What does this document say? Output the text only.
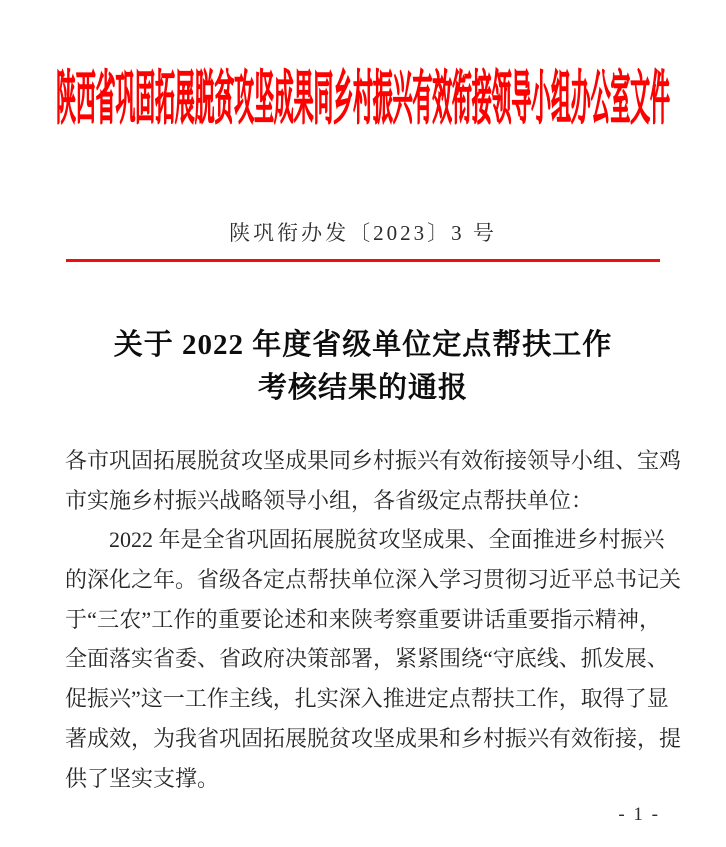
陕西省巩固拓展脱贫攻坚成果同乡村振兴有效衔接领导小组办公室文件
陕巩衔办发〔2023〕3 号
关于 2022 年度省级单位定点帮扶工作
考核结果的通报
各市巩固拓展脱贫攻坚成果同乡村振兴有效衔接领导小组、宝鸡
市实施乡村振兴战略领导小组，各省级定点帮扶单位：
2022 年是全省巩固拓展脱贫攻坚成果、全面推进乡村振兴
的深化之年。省级各定点帮扶单位深入学习贯彻习近平总书记关
于“三农”工作的重要论述和来陕考察重要讲话重要指示精神，
全面落实省委、省政府决策部署，紧紧围绕“守底线、抓发展、
促振兴”这一工作主线，扎实深入推进定点帮扶工作，取得了显
著成效，为我省巩固拓展脱贫攻坚成果和乡村振兴有效衔接，提
供了坚实支撑。
- 1 -
